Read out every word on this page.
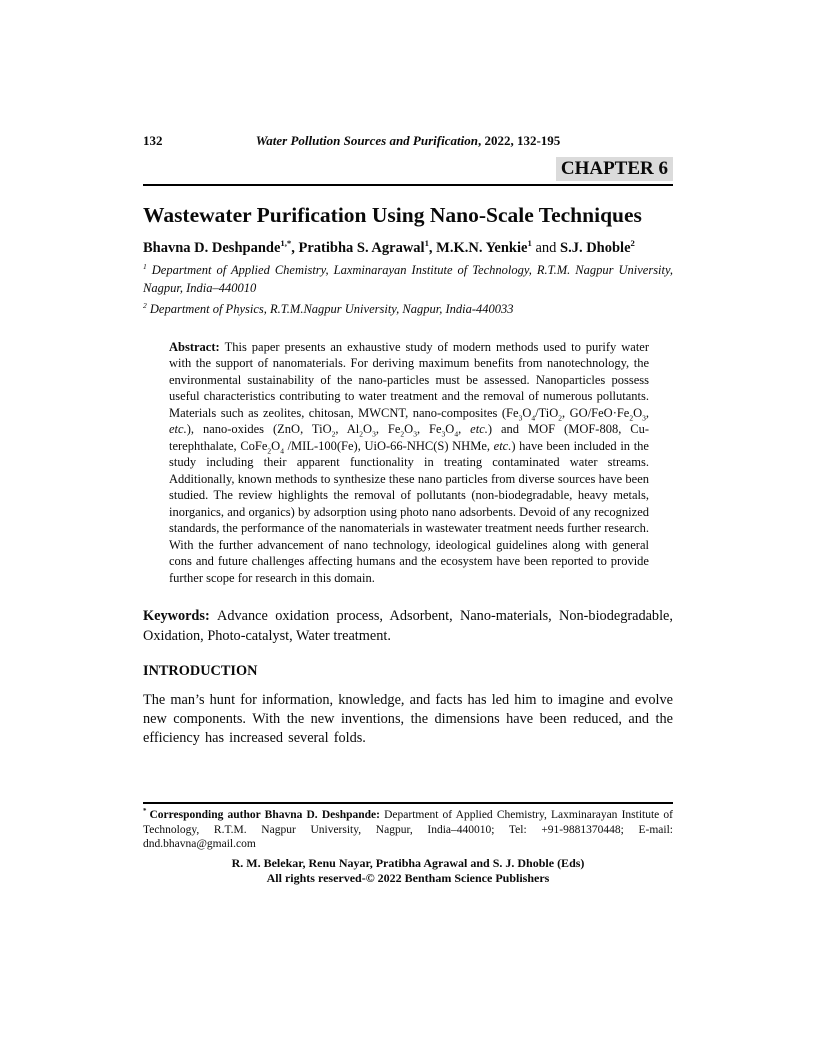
132	Water Pollution Sources and Purification, 2022, 132-195
CHAPTER 6
Wastewater Purification Using Nano-Scale Techniques

Bhavna D. Deshpande$^{1,*}$, Pratibha S. Agrawal$^1$, M.K.N. Yenkie$^1$ and S.J. Dhoble$^2$

$^1$ Department of Applied Chemistry, Laxminarayan Institute of Technology, R.T.M. Nagpur University, Nagpur, India–440010

$^2$ Department of Physics, R.T.M.Nagpur University, Nagpur, India-440033

Abstract: This paper presents an exhaustive study of modern methods used to purify water with the support of nanomaterials. For deriving maximum benefits from nanotechnology, the environmental sustainability of the nano-particles must be assessed. Nanoparticles possess useful characteristics contributing to water treatment and the removal of numerous pollutants. Materials such as zeolites, chitosan, MWCNT, nano-composites ($Fe_3O_4/TiO_2$, $GO/FeO\cdot Fe_2O_3$, etc.), nano-oxides (ZnO, TiO$_2$, $Al_2O_3$, $Fe_2O_3$, $Fe_3O_4$, etc.) and MOF (MOF-808, Cu-terephthalate, $CoFe_2O_4$ /MIL-100(Fe), UiO-66-NHC(S) NHMe, etc.) have been included in the study including their apparent functionality in treating contaminated water streams. Additionally, known methods to synthesize these nano particles from diverse sources have been studied. The review highlights the removal of pollutants (non-biodegradable, heavy metals, inorganics, and organics) by adsorption using photo nano adsorbents. Devoid of any recognized standards, the performance of the nanomaterials in wastewater treatment needs further research. With the further advancement of nano technology, ideological guidelines along with general cons and future challenges affecting humans and the ecosystem have been reported to provide further scope for research in this domain.

Keywords: Advance oxidation process, Adsorbent, Nano-materials, Non-biodegradable, Oxidation, Photo-catalyst, Water treatment.

INTRODUCTION

The man’s hunt for information, knowledge, and facts has led him to imagine and evolve new components. With the new inventions, the dimensions have been reduced, and the efficiency has increased several folds.

* Corresponding author Bhavna D. Deshpande: Department of Applied Chemistry, Laxminarayan Institute of Technology, R.T.M. Nagpur University, Nagpur, India–440010; Tel: +91-9881370448; E-mail: dnd.bhavna@gmail.com

R. M. Belekar, Renu Nayar, Pratibha Agrawal and S. J. Dhoble (Eds)

All rights reserved-© 2022 Bentham Science Publishers
